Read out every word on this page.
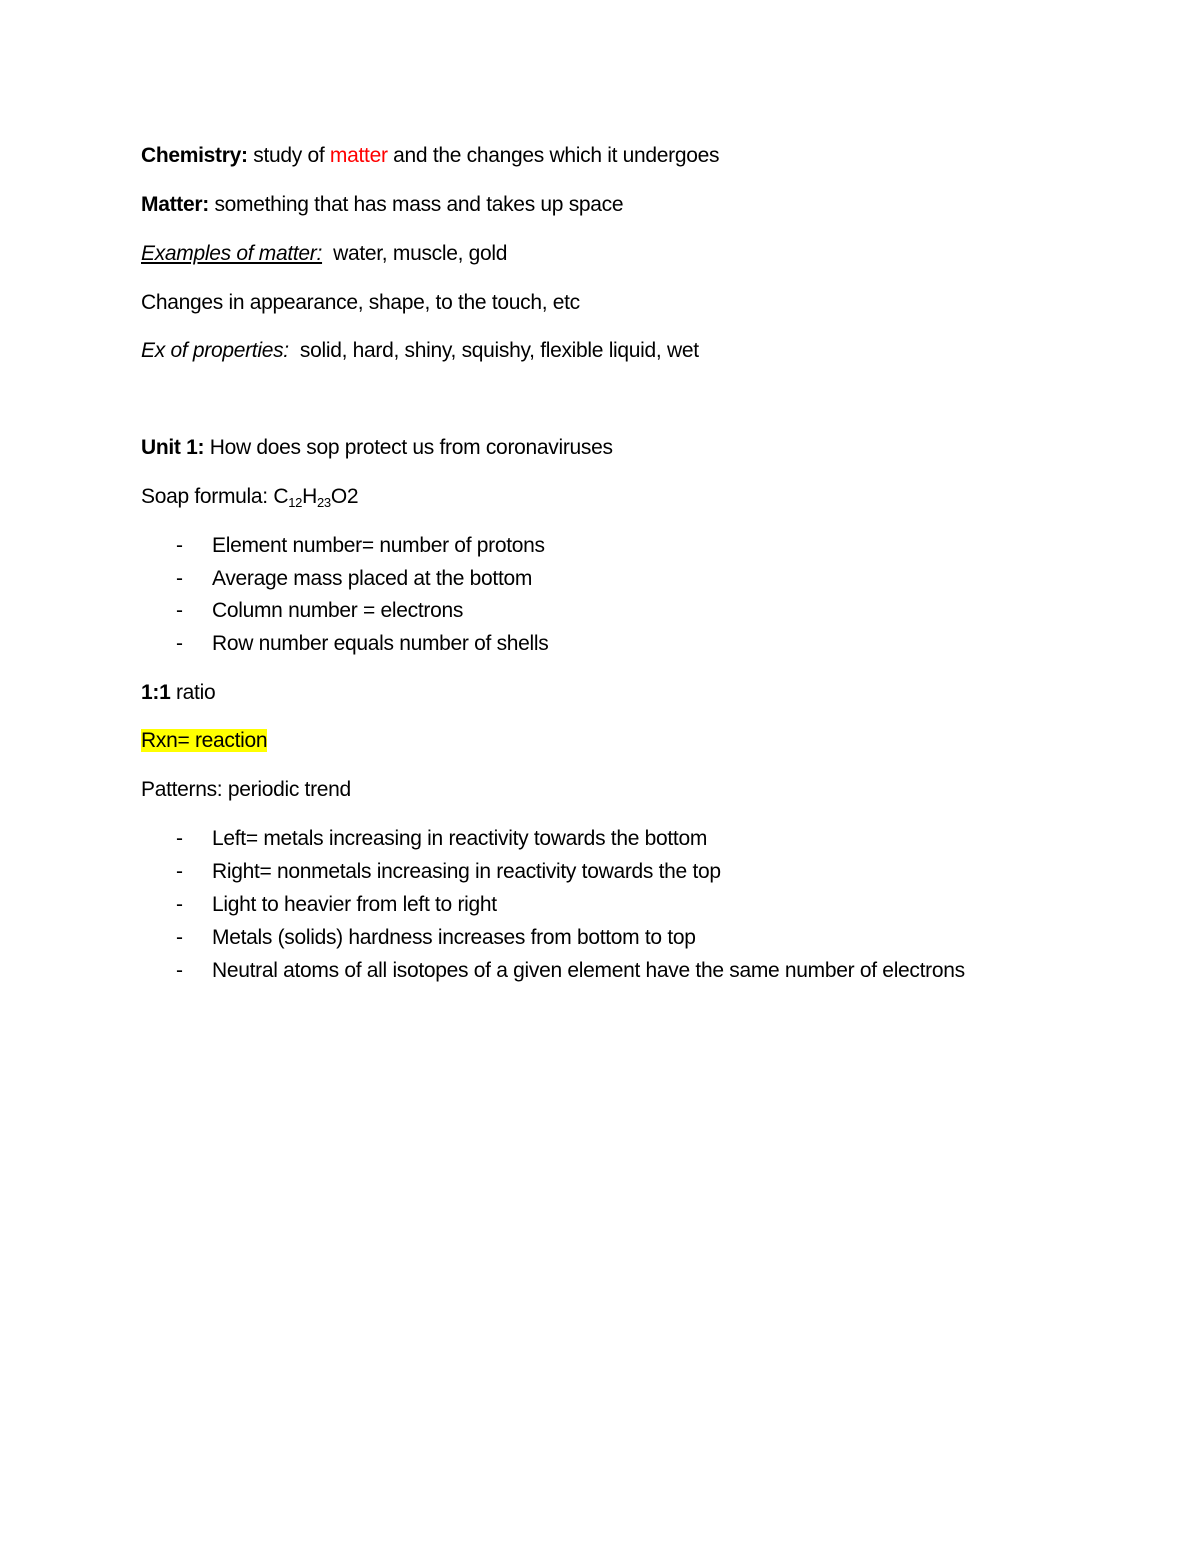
Chemistry: study of matter and the changes which it undergoes
Matter: something that has mass and takes up space
Examples of matter:  water, muscle, gold
Changes in appearance, shape, to the touch, etc
Ex of properties:  solid, hard, shiny, squishy, flexible liquid, wet
Unit 1: How does sop protect us from coronaviruses
Soap formula: $C_{12}H_{23}O2$
- Element number= number of protons
- Average mass placed at the bottom
- Column number = electrons
- Row number equals number of shells
1:1 ratio
Rxn= reaction
Patterns: periodic trend
- Left= metals increasing in reactivity towards the bottom
- Right= nonmetals increasing in reactivity towards the top
- Light to heavier from left to right
- Metals (solids) hardness increases from bottom to top
- Neutral atoms of all isotopes of a given element have the same number of electrons
